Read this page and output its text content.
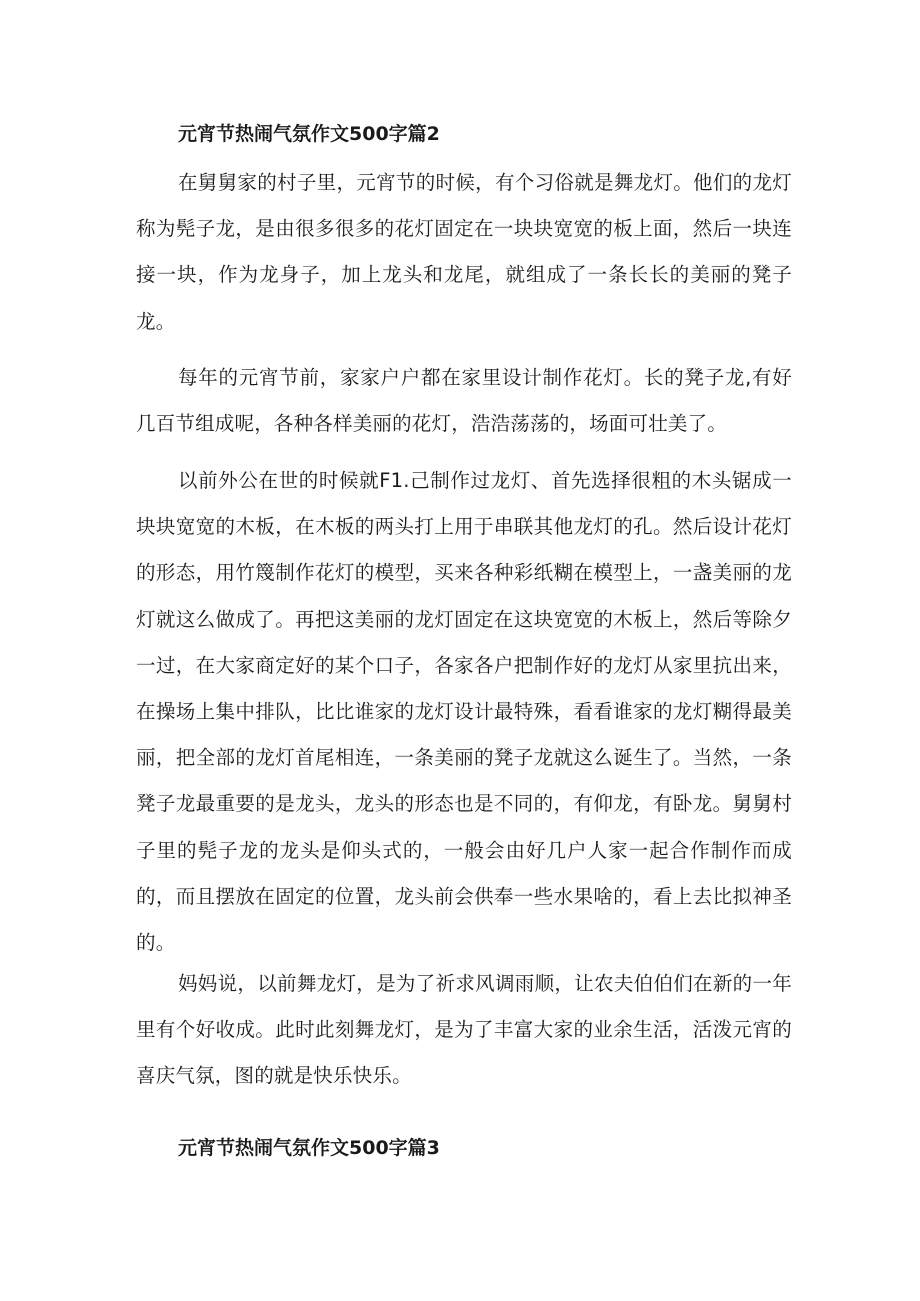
元宵节热闹气氛作文500字篇2

在舅舅家的村子里，元宵节的时候，有个习俗就是舞龙灯。他们的龙灯称为髡子龙，是由很多很多的花灯固定在一块块宽宽的板上面，然后一块连接一块，作为龙身子，加上龙头和龙尾，就组成了一条长长的美丽的凳子龙。

每年的元宵节前，家家户户都在家里设计制作花灯。长的凳子龙,有好几百节组成呢，各种各样美丽的花灯，浩浩荡荡的，场面可壮美了。

以前外公在世的时候就F1.己制作过龙灯、首先选择很粗的木头锯成一块块宽宽的木板，在木板的两头打上用于串联其他龙灯的孔。然后设计花灯的形态，用竹篾制作花灯的模型，买来各种彩纸糊在模型上，一盏美丽的龙灯就这么做成了。再把这美丽的龙灯固定在这块宽宽的木板上，然后等除夕一过，在大家商定好的某个口子，各家各户把制作好的龙灯从家里抗出来，在操场上集中排队，比比谁家的龙灯设计最特殊，看看谁家的龙灯糊得最美丽，把全部的龙灯首尾相连，一条美丽的凳子龙就这么诞生了。当然，一条凳子龙最重要的是龙头，龙头的形态也是不同的，有仰龙，有卧龙。舅舅村子里的髡子龙的龙头是仰头式的，一般会由好几户人家一起合作制作而成的，而且摆放在固定的位置，龙头前会供奉一些水果啥的，看上去比拟神圣的。

妈妈说，以前舞龙灯，是为了祈求风调雨顺，让农夫伯伯们在新的一年里有个好收成。此时此刻舞龙灯，是为了丰富大家的业余生活，活泼元宵的喜庆气氛，图的就是快乐快乐。

元宵节热闹气氛作文500字篇3
